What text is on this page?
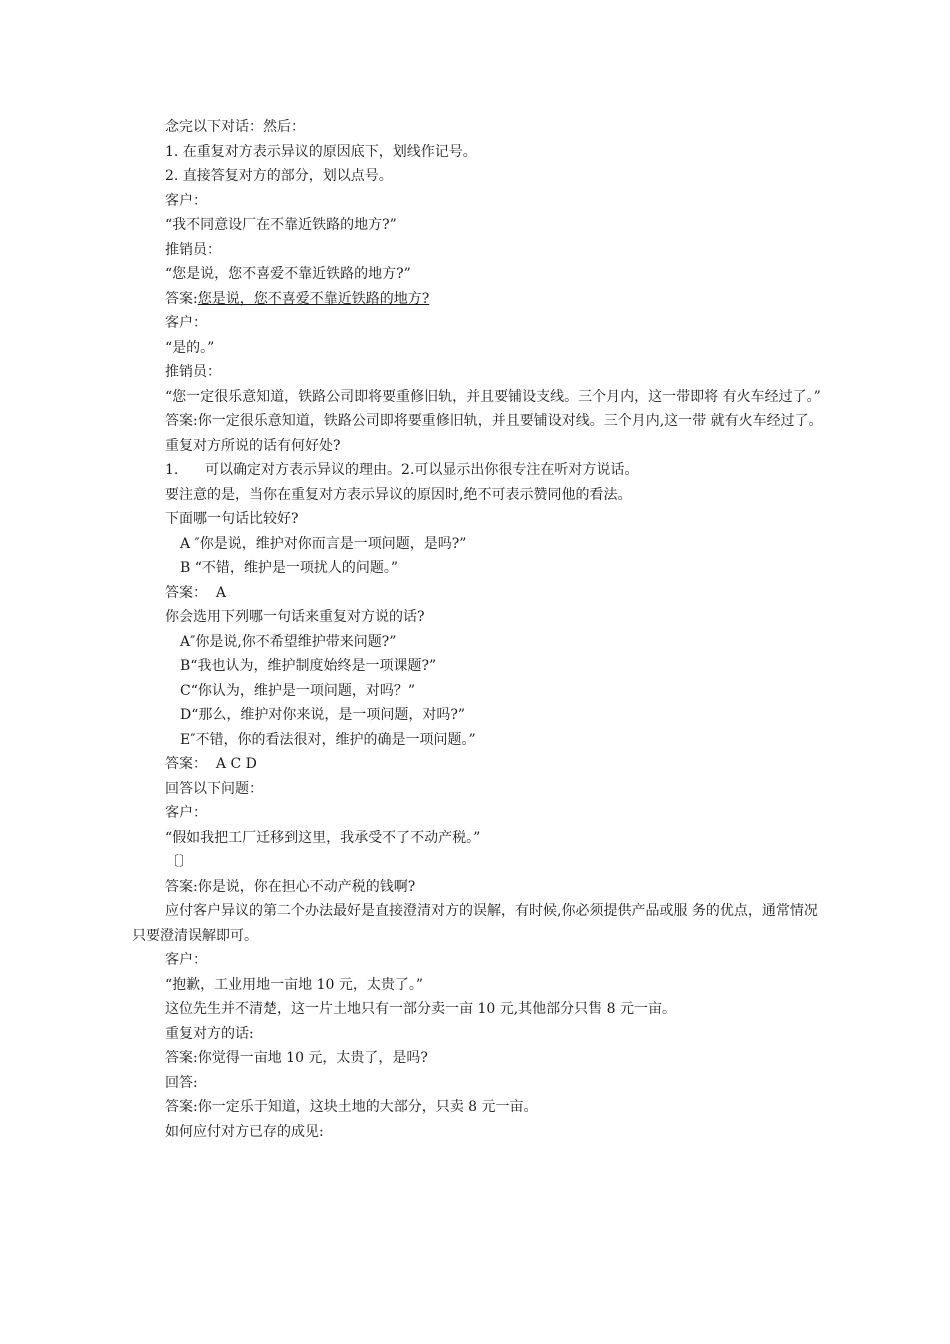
念完以下对话：然后：

1. 在重复对方表示异议的原因底下，划线作记号。

2. 直接答复对方的部分，划以点号。

客户：

“我不同意设厂在不靠近铁路的地方?”

推销员：

“您是说，您不喜爱不靠近铁路的地方?”

答案:您是说，您不喜爱不靠近铁路的地方?

客户：

“是的。”

推销员：

“您一定很乐意知道，铁路公司即将要重修旧轨，并且要铺设支线。三个月内，这一带即将 有火车经过了。”

答案:你一定很乐意知道，铁路公司即将要重修旧轨，并且要铺设对线。三个月内,这一带 就有火车经过了。

重复对方所说的话有何好处?

1.      可以确定对方表示异议的理由。2.可以显示出你很专注在听对方说话。

要注意的是，当你在重复对方表示异议的原因时,绝不可表示赞同他的看法。

下面哪一句话比较好?

A ″你是说，维护对你而言是一项问题，是吗?”

B “不错，维护是一项扰人的问题。”

答案：  A

你会选用下列哪一句话来重复对方说的话?

A″你是说,你不希望维护带来问题?”

B“我也认为，维护制度始终是一项课题?”

C“你认为，维护是一项问题，对吗？”

D“那么，维护对你来说，是一项问题，对吗?”

E″不错，你的看法很对，维护的确是一项问题。”

答案：  A C D

回答以下问题：

客户：

“假如我把工厂迁移到这里，我承受不了不动产税。”

〔〕

答案:你是说，你在担心不动产税的钱啊?

应付客户异议的第二个办法最好是直接澄清对方的误解，有时候,你必须提供产品或服 务的优点，通常情况只要澄清误解即可。

客户：

“抱歉，工业用地一亩地 10 元，太贵了。”

这位先生并不清楚，这一片土地只有一部分卖一亩 10 元,其他部分只售 8 元一亩。

重复对方的话:

答案:你觉得一亩地 10 元，太贵了，是吗?

回答:

答案:你一定乐于知道，这块土地的大部分，只卖 8 元一亩。

如何应付对方已存的成见:
